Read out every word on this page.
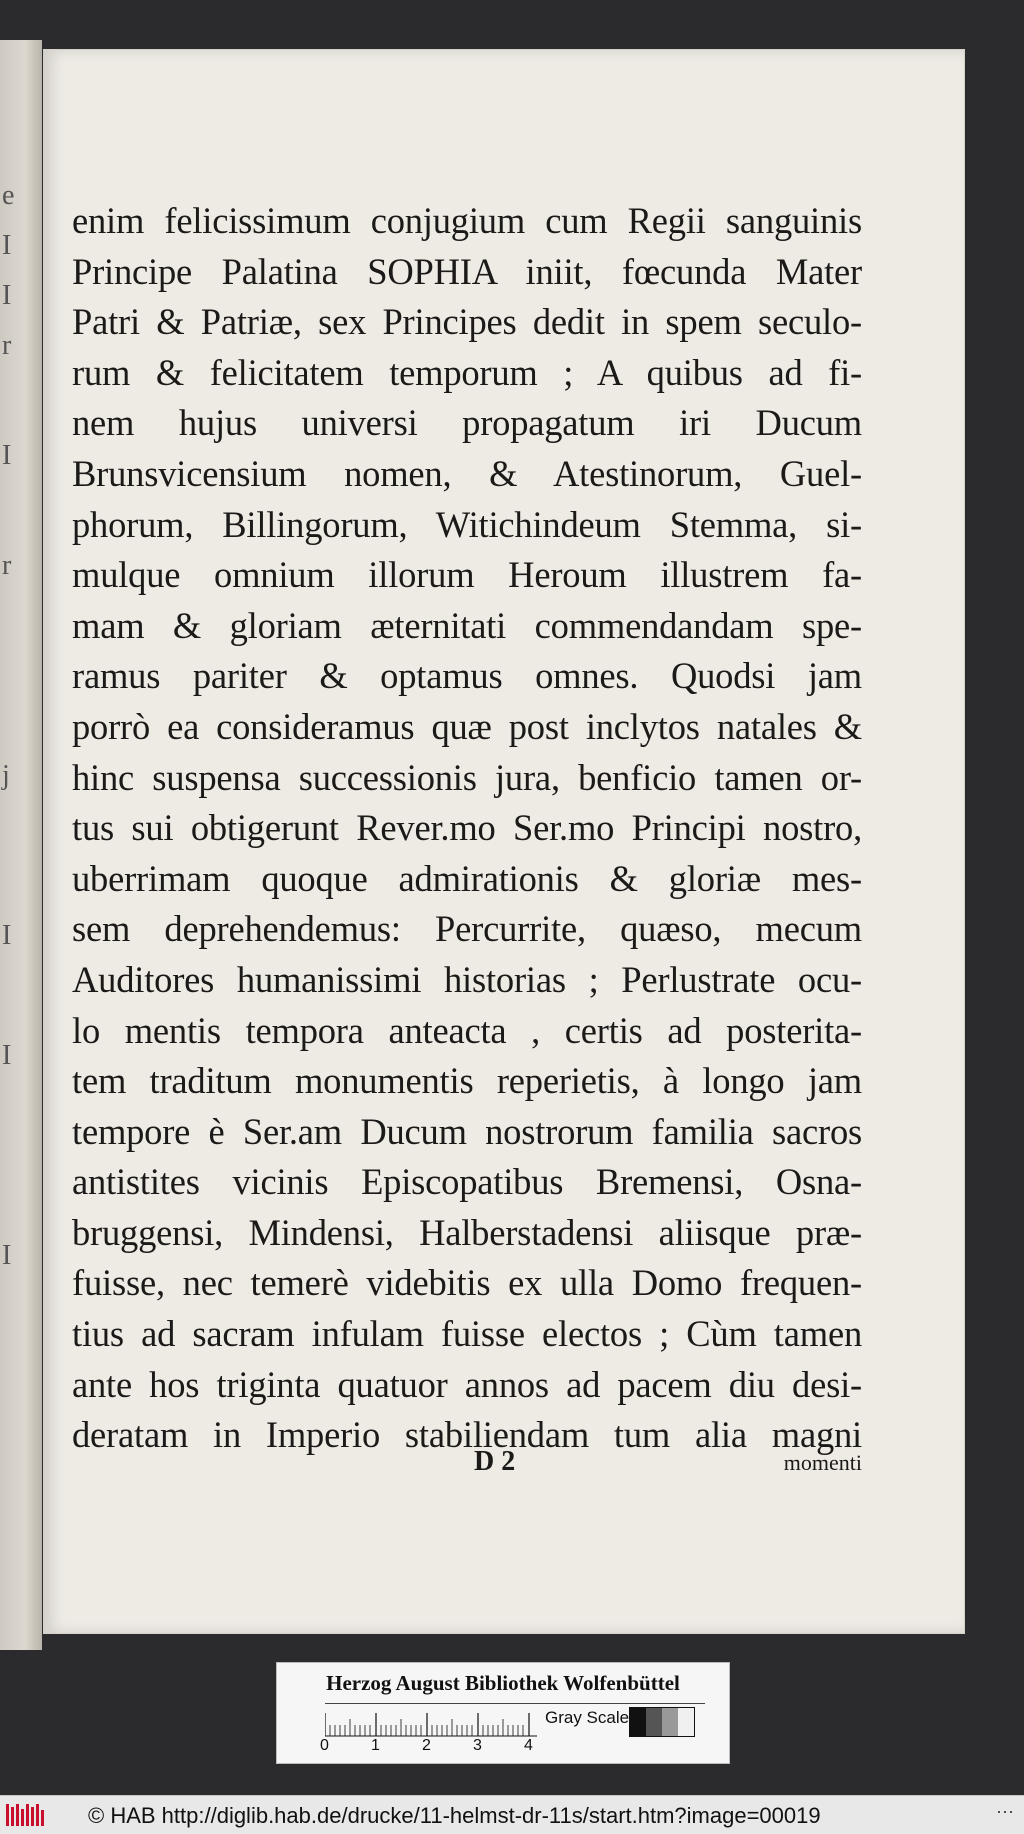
e
I
I
r
I
r
j
I
I
I
enim felicissimum conjugium cum Regii sanguinis
Principe Palatina SOPHIA iniit, fœcunda Mater
Patri & Patriæ, sex Principes dedit in spem seculo-
rum & felicitatem temporum ; A quibus ad fi-
nem hujus universi propagatum iri Ducum
Brunsvicensium nomen, & Atestinorum, Guel-
phorum, Billingorum, Witichindeum Stemma, si-
mulque omnium illorum Heroum illustrem fa-
mam & gloriam æternitati commendandam spe-
ramus pariter & optamus omnes. Quodsi jam
porrò ea consideramus quæ post inclytos natales &
hinc suspensa successionis jura, benficio tamen or-
tus sui obtigerunt Rever.mo Ser.mo Principi nostro,
uberrimam quoque admirationis & gloriæ mes-
sem deprehendemus: Percurrite, quæso, mecum
Auditores humanissimi historias ; Perlustrate ocu-
lo mentis tempora anteacta , certis ad posterita-
tem traditum monumentis reperietis, à longo jam
tempore è Ser.am Ducum nostrorum familia sacros
antistites vicinis Episcopatibus Bremensi, Osna-
bruggensi, Mindensi, Halberstadensi aliisque præ-
fuisse, nec temerè videbitis ex ulla Domo frequen-
tius ad sacram infulam fuisse electos ; Cùm tamen
ante hos triginta quatuor annos ad pacem diu desi-
deratam in Imperio stabiliendam tum alia magni
D 2	momenti
Herzog August Bibliothek Wolfenbüttel
0	1	2	3	4
Gray Scale
© HAB http://diglib.hab.de/drucke/11-helmst-dr-11s/start.htm?image=00019	⋯
